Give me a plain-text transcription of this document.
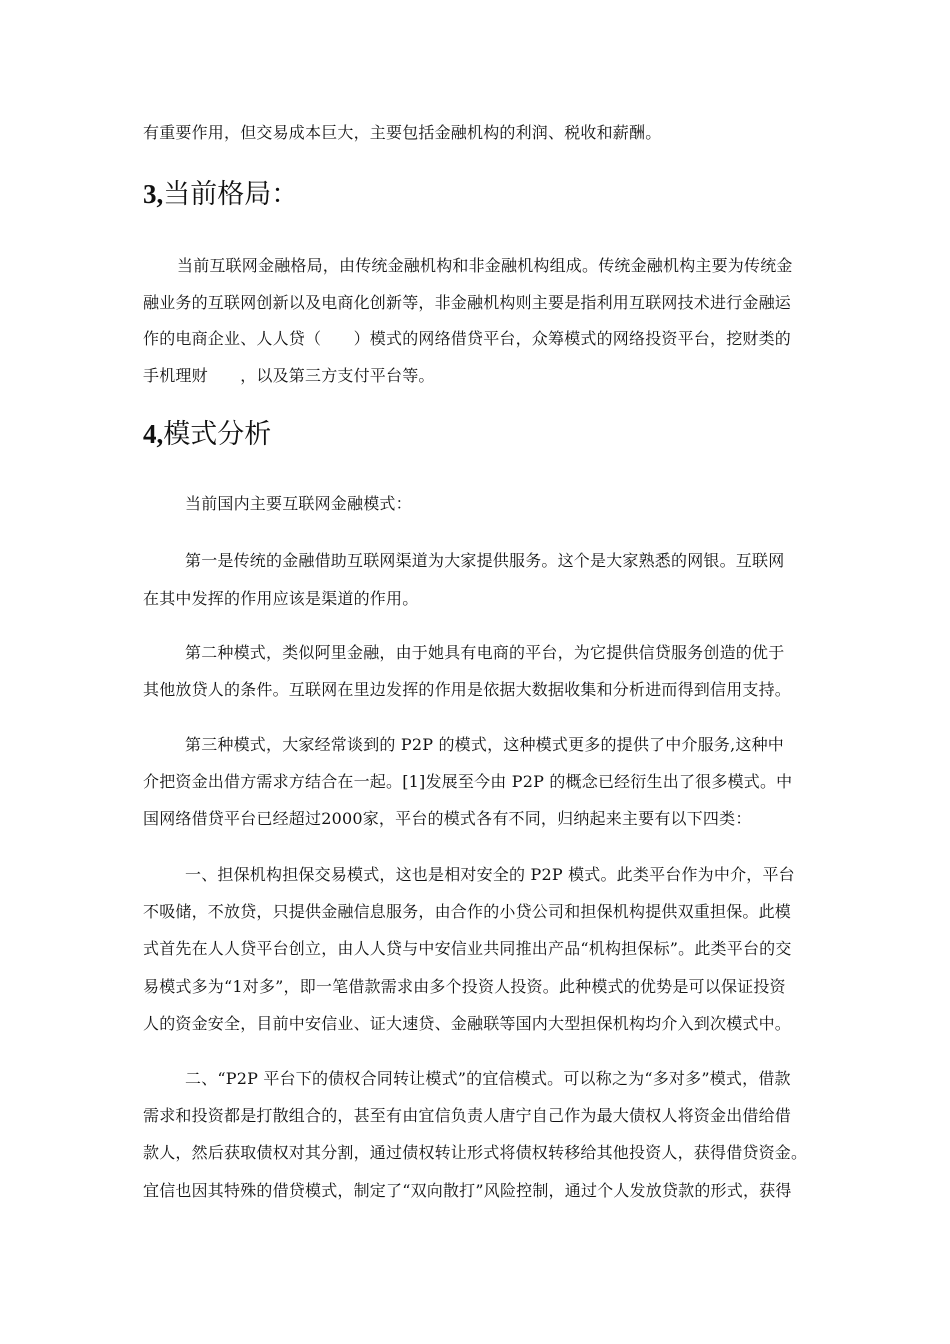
有重要作用，但交易成本巨大，主要包括金融机构的利润、税收和薪酬。
3,当前格局：
当前互联网金融格局，由传统金融机构和非金融机构组成。传统金融机构主要为传统金
融业务的互联网创新以及电商化创新等，非金融机构则主要是指利用互联网技术进行金融运
作的电商企业、人人贷（　　）模式的网络借贷平台，众筹模式的网络投资平台，挖财类的
手机理财　　，以及第三方支付平台等。
4,模式分析
当前国内主要互联网金融模式：
第一是传统的金融借助互联网渠道为大家提供服务。这个是大家熟悉的网银。互联网
在其中发挥的作用应该是渠道的作用。
第二种模式，类似阿里金融，由于她具有电商的平台，为它提供信贷服务创造的优于
其他放贷人的条件。互联网在里边发挥的作用是依据大数据收集和分析进而得到信用支持。
第三种模式，大家经常谈到的 P2P 的模式，这种模式更多的提供了中介服务,这种中
介把资金出借方需求方结合在一起。[1]发展至今由 P2P 的概念已经衍生出了很多模式。中
国网络借贷平台已经超过2000家，平台的模式各有不同，归纳起来主要有以下四类：
一、担保机构担保交易模式，这也是相对安全的 P2P 模式。此类平台作为中介，平台
不吸储，不放贷，只提供金融信息服务，由合作的小贷公司和担保机构提供双重担保。此模
式首先在人人贷平台创立，由人人贷与中安信业共同推出产品“机构担保标”。此类平台的交
易模式多为“1对多”，即一笔借款需求由多个投资人投资。此种模式的优势是可以保证投资
人的资金安全，目前中安信业、证大速贷、金融联等国内大型担保机构均介入到次模式中。
二、“P2P 平台下的债权合同转让模式”的宜信模式。可以称之为“多对多”模式，借款
需求和投资都是打散组合的，甚至有由宜信负责人唐宁自己作为最大债权人将资金出借给借
款人，然后获取债权对其分割，通过债权转让形式将债权转移给其他投资人，获得借贷资金。
宜信也因其特殊的借贷模式，制定了“双向散打”风险控制，通过个人发放贷款的形式，获得
